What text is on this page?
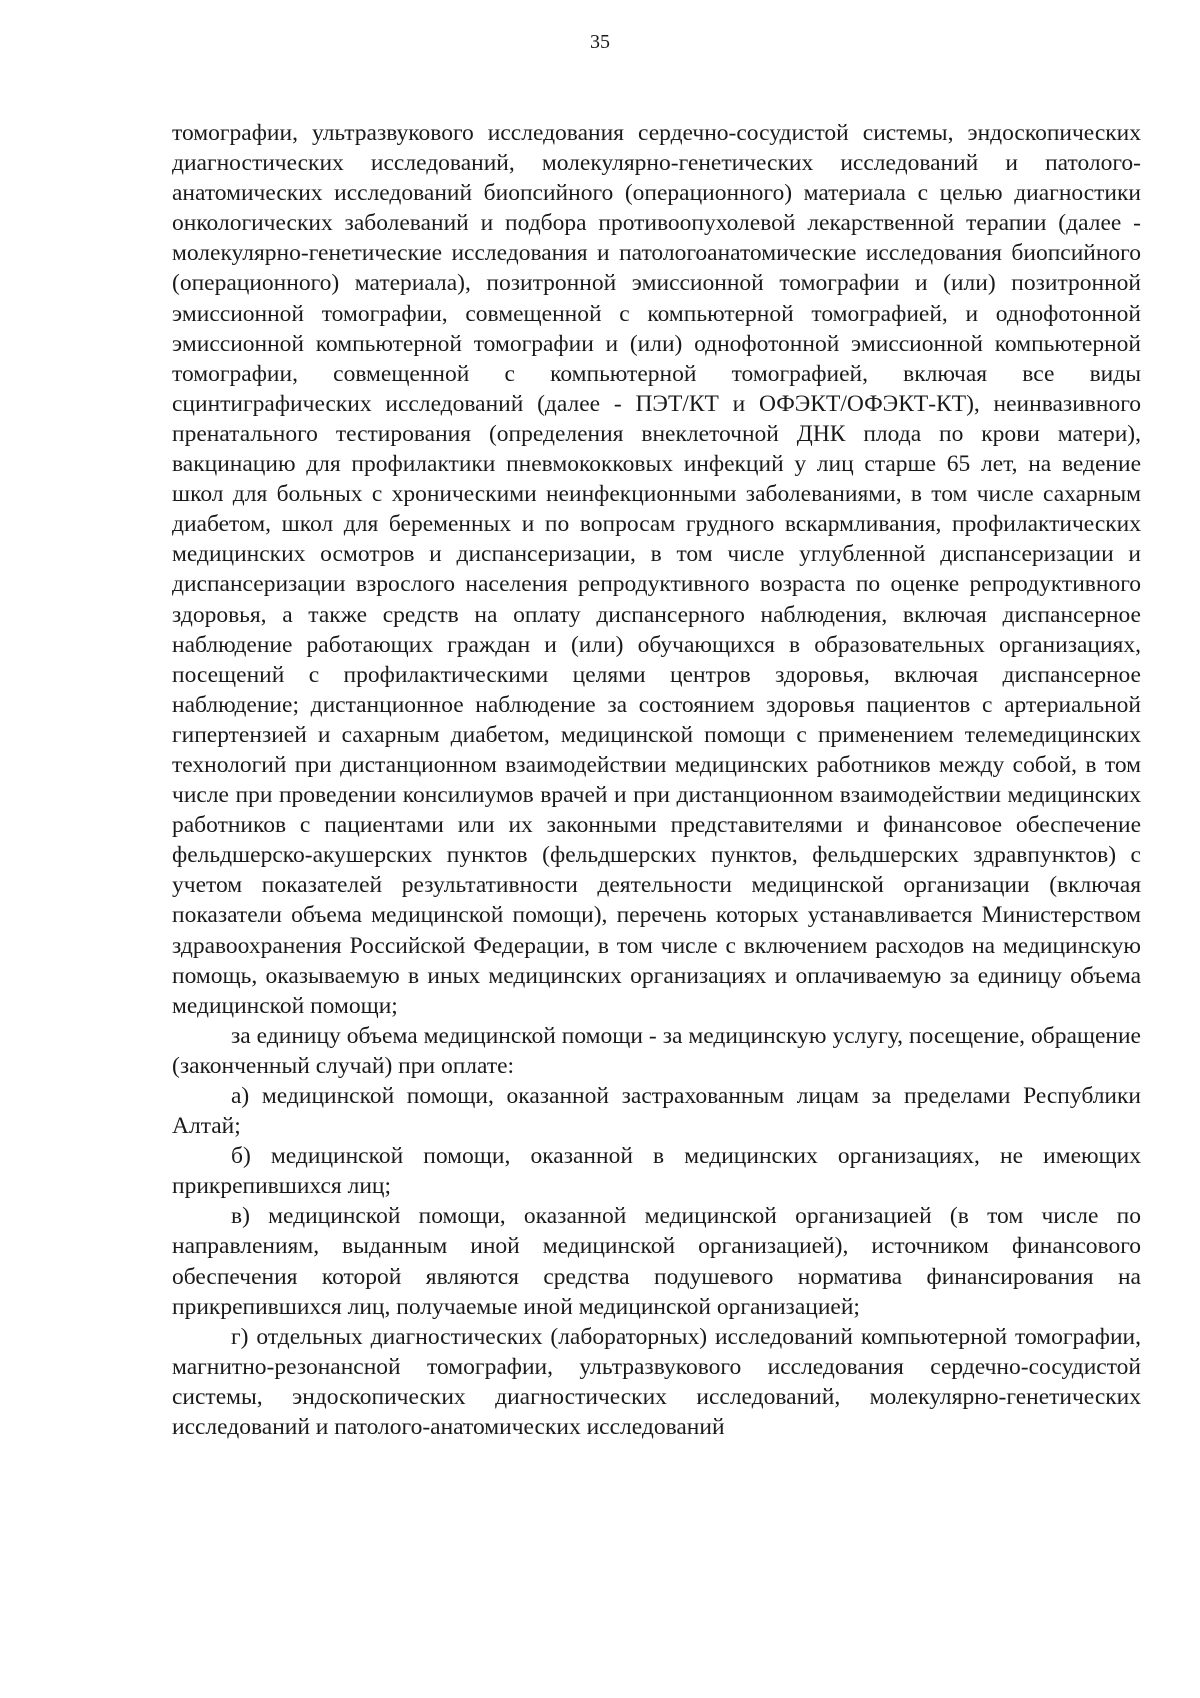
35

томографии, ультразвукового исследования сердечно-сосудистой системы, эндоскопических диагностических исследований, молекулярно-генетических исследований и патолого-анатомических исследований биопсийного (операционного) материала с целью диагностики онкологических заболеваний и подбора противоопухолевой лекарственной терапии (далее - молекулярно-генетические исследования и патологоанатомические исследования биопсийного (операционного) материала), позитронной эмиссионной томографии и (или) позитронной эмиссионной томографии, совмещенной с компьютерной томографией, и однофотонной эмиссионной компьютерной томографии и (или) однофотонной эмиссионной компьютерной томографии, совмещенной с компьютерной томографией, включая все виды сцинтиграфических исследований (далее - ПЭТ/КТ и ОФЭКТ/ОФЭКТ-КТ), неинвазивного пренатального тестирования (определения внеклеточной ДНК плода по крови матери), вакцинацию для профилактики пневмококковых инфекций у лиц старше 65 лет, на ведение школ для больных с хроническими неинфекционными заболеваниями, в том числе сахарным диабетом, школ для беременных и по вопросам грудного вскармливания, профилактических медицинских осмотров и диспансеризации, в том числе углубленной диспансеризации и диспансеризации взрослого населения репродуктивного возраста по оценке репродуктивного здоровья, а также средств на оплату диспансерного наблюдения, включая диспансерное наблюдение работающих граждан и (или) обучающихся в образовательных организациях, посещений с профилактическими целями центров здоровья, включая диспансерное наблюдение; дистанционное наблюдение за состоянием здоровья пациентов с артериальной гипертензией и сахарным диабетом, медицинской помощи с применением телемедицинских технологий при дистанционном взаимодействии медицинских работников между собой, в том числе при проведении консилиумов врачей и при дистанционном взаимодействии медицинских работников с пациентами или их законными представителями и финансовое обеспечение фельдшерско-акушерских пунктов (фельдшерских пунктов, фельдшерских здравпунктов) с учетом показателей результативности деятельности медицинской организации (включая показатели объема медицинской помощи), перечень которых устанавливается Министерством здравоохранения Российской Федерации, в том числе с включением расходов на медицинскую помощь, оказываемую в иных медицинских организациях и оплачиваемую за единицу объема медицинской помощи;

за единицу объема медицинской помощи - за медицинскую услугу, посещение, обращение (законченный случай) при оплате:

а) медицинской помощи, оказанной застрахованным лицам за пределами Республики Алтай;

б) медицинской помощи, оказанной в медицинских организациях, не имеющих прикрепившихся лиц;

в) медицинской помощи, оказанной медицинской организацией (в том числе по направлениям, выданным иной медицинской организацией), источником финансового обеспечения которой являются средства подушевого норматива финансирования на прикрепившихся лиц, получаемые иной медицинской организацией;

г) отдельных диагностических (лабораторных) исследований компьютерной томографии, магнитно-резонансной томографии, ультразвукового исследования сердечно-сосудистой системы, эндоскопических диагностических исследований, молекулярно-генетических исследований и патолого-анатомических исследований
